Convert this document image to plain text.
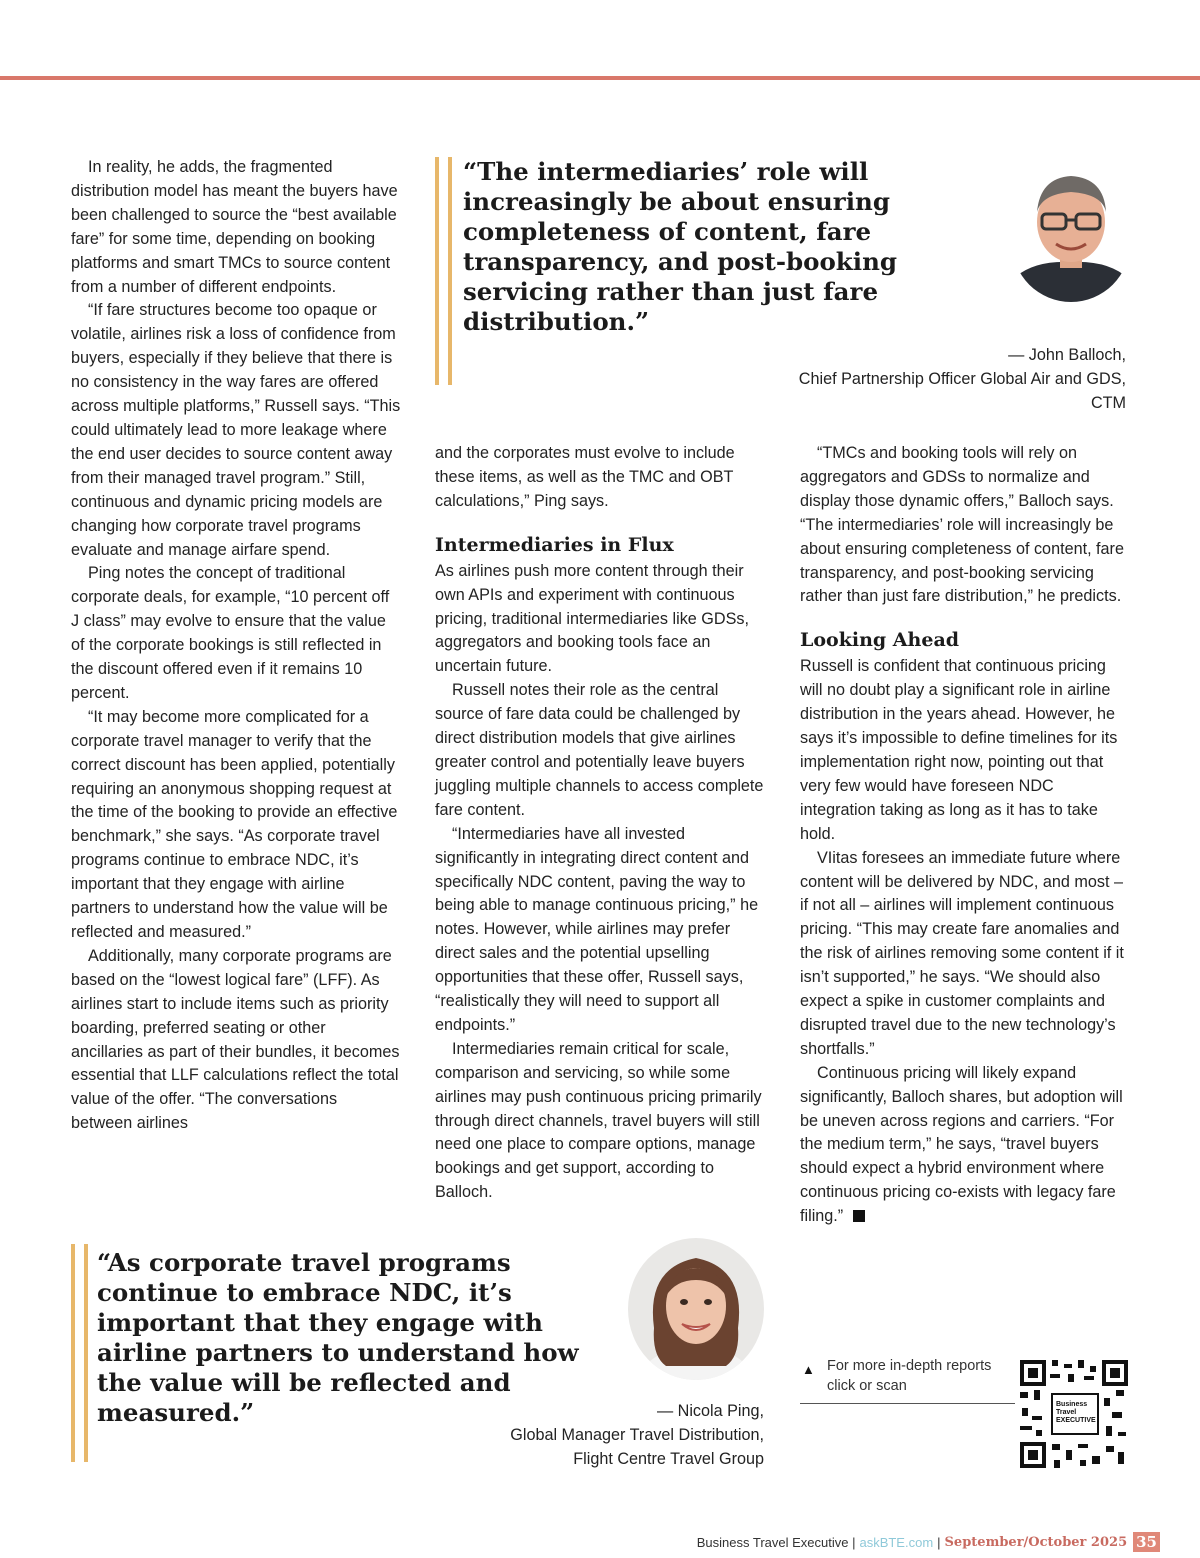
In reality, he adds, the fragmented distribution model has meant the buyers have been challenged to source the “best available fare” for some time, depending on booking platforms and smart TMCs to source content from a number of different endpoints.

“If fare structures become too opaque or volatile, airlines risk a loss of confidence from buyers, especially if they believe that there is no consistency in the way fares are offered across multiple platforms,” Russell says. “This could ultimately lead to more leakage where the end user decides to source content away from their managed travel program.” Still, continuous and dynamic pricing models are changing how corporate travel programs evaluate and manage airfare spend.

Ping notes the concept of traditional corporate deals, for example, “10 percent off J class” may evolve to ensure that the value of the corporate bookings is still reflected in the discount offered even if it remains 10 percent.

“It may become more complicated for a corporate travel manager to verify that the correct discount has been applied, potentially requiring an anonymous shopping request at the time of the booking to provide an effective benchmark,” she says. “As corporate travel programs continue to embrace NDC, it’s important that they engage with airline partners to understand how the value will be reflected and measured.”

Additionally, many corporate programs are based on the “lowest logical fare” (LFF). As airlines start to include items such as priority boarding, preferred seating or other ancillaries as part of their bundles, it becomes essential that LLF calculations reflect the total value of the offer. “The conversations between airlines

“The intermediaries’ role will increasingly be about ensuring completeness of content, fare transparency, and post-booking servicing rather than just fare distribution.”
— John Balloch,
Chief Partnership Officer Global Air and GDS,
CTM

and the corporates must evolve to include these items, as well as the TMC and OBT calculations,” Ping says.

Intermediaries in Flux

As airlines push more content through their own APIs and experiment with continuous pricing, traditional intermediaries like GDSs, aggregators and booking tools face an uncertain future.

Russell notes their role as the central source of fare data could be challenged by direct distribution models that give airlines greater control and potentially leave buyers juggling multiple channels to access complete fare content.

“Intermediaries have all invested significantly in integrating direct content and specifically NDC content, paving the way to being able to manage continuous pricing,” he notes. However, while airlines may prefer direct sales and the potential upselling opportunities that these offer, Russell says, “realistically they will need to support all endpoints.”

Intermediaries remain critical for scale, comparison and servicing, so while some airlines may push continuous pricing primarily through direct channels, travel buyers will still need one place to compare options, manage bookings and get support, according to Balloch.

“TMCs and booking tools will rely on aggregators and GDSs to normalize and display those dynamic offers,” Balloch says. “The intermediaries’ role will increasingly be about ensuring completeness of content, fare transparency, and post-booking servicing rather than just fare distribution,” he predicts.

Looking Ahead

Russell is confident that continuous pricing will no doubt play a significant role in airline distribution in the years ahead. However, he says it’s impossible to define timelines for its implementation right now, pointing out that very few would have foreseen NDC integration taking as long as it has to take hold.

VIitas foresees an immediate future where content will be delivered by NDC, and most – if not all – airlines will implement continuous pricing. “This may create fare anomalies and the risk of airlines removing some content if it isn’t supported,” he says. “We should also expect a spike in customer complaints and disrupted travel due to the new technology’s shortfalls.”

Continuous pricing will likely expand significantly, Balloch shares, but adoption will be uneven across regions and carriers. “For the medium term,” he says, “travel buyers should expect a hybrid environment where continuous pricing co-exists with legacy fare filing.”

“As corporate travel programs continue to embrace NDC, it’s important that they engage with airline partners to understand how the value will be reflected and measured.”	— Nicola Ping,
Global Manager Travel Distribution,
Flight Centre Travel Group
▲ For more in-depth reports click or scan
Business Travel EXECUTIVE
Business Travel Executive | askBTE.com | September/October 2025 35
